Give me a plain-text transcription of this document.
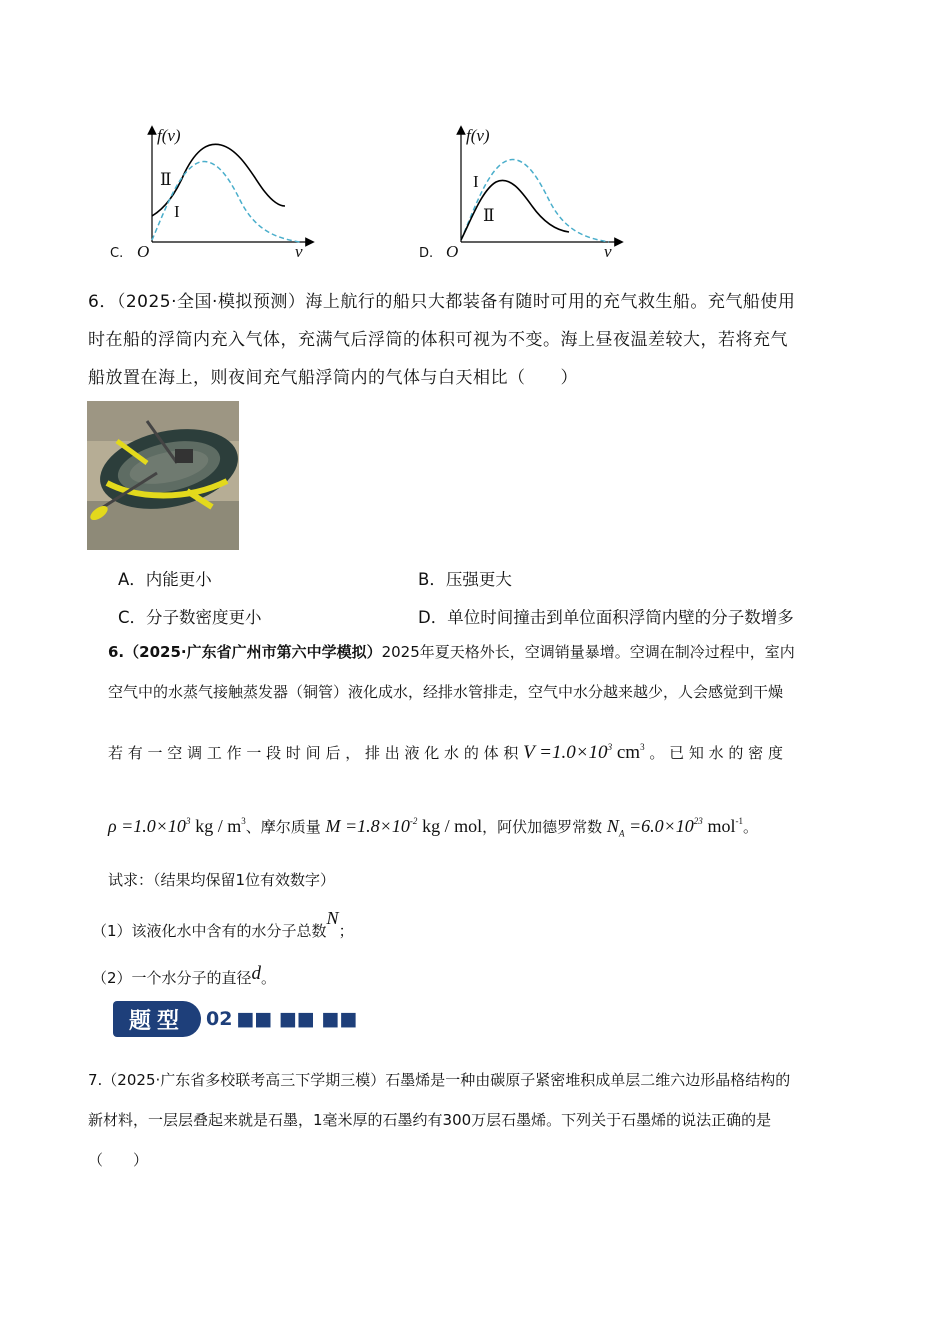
f(v)
v
O
Ⅱ
I
C.
f(v)
v
O
I
Ⅱ
D.
6．（2025·全国·模拟预测）海上航行的船只大都装备有随时可用的充气救生船。充气船使用
时在船的浮筒内充入气体，充满气后浮筒的体积可视为不变。海上昼夜温差较大，若将充气
船放置在海上，则夜间充气船浮筒内的气体与白天相比（　　）
A．内能更小	B．压强更大
C．分子数密度更小	D．单位时间撞击到单位面积浮筒内壁的分子数增多
6.（2025·广东省广州市第六中学模拟）2025年夏天格外长，空调销量暴增。空调在制冷过程中，室内
空气中的水蒸气接触蒸发器（铜管）液化成水，经排水管排走，空气中水分越来越少，人会感觉到干燥
若 有 一 空 调 工 作 一 段 时 间 后 ， 排 出 液 化 水 的 体 积 $V =1.0\times 10^3$ $cm^3$ 。 已 知 水 的 密 度
$\rho =1.0\times 10^3$ kg / $m^3$、摩尔质量 $M =1.8\times 10^{-2}$ kg / mol，阿伏加德罗常数 $N_A =6.0\times 10^{23}$ mol$^{-1}$。
试求：（结果均保留1位有效数字）
（1）该液化水中含有的水分子总数N；
（2）一个水分子的直径d。
题型 02 ■■ ■■ ■■
7.（2025·广东省多校联考高三下学期三模）石墨烯是一种由碳原子紧密堆积成单层二维六边形晶格结构的
新材料，一层层叠起来就是石墨，1毫米厚的石墨约有300万层石墨烯。下列关于石墨烯的说法正确的是
（　　）
